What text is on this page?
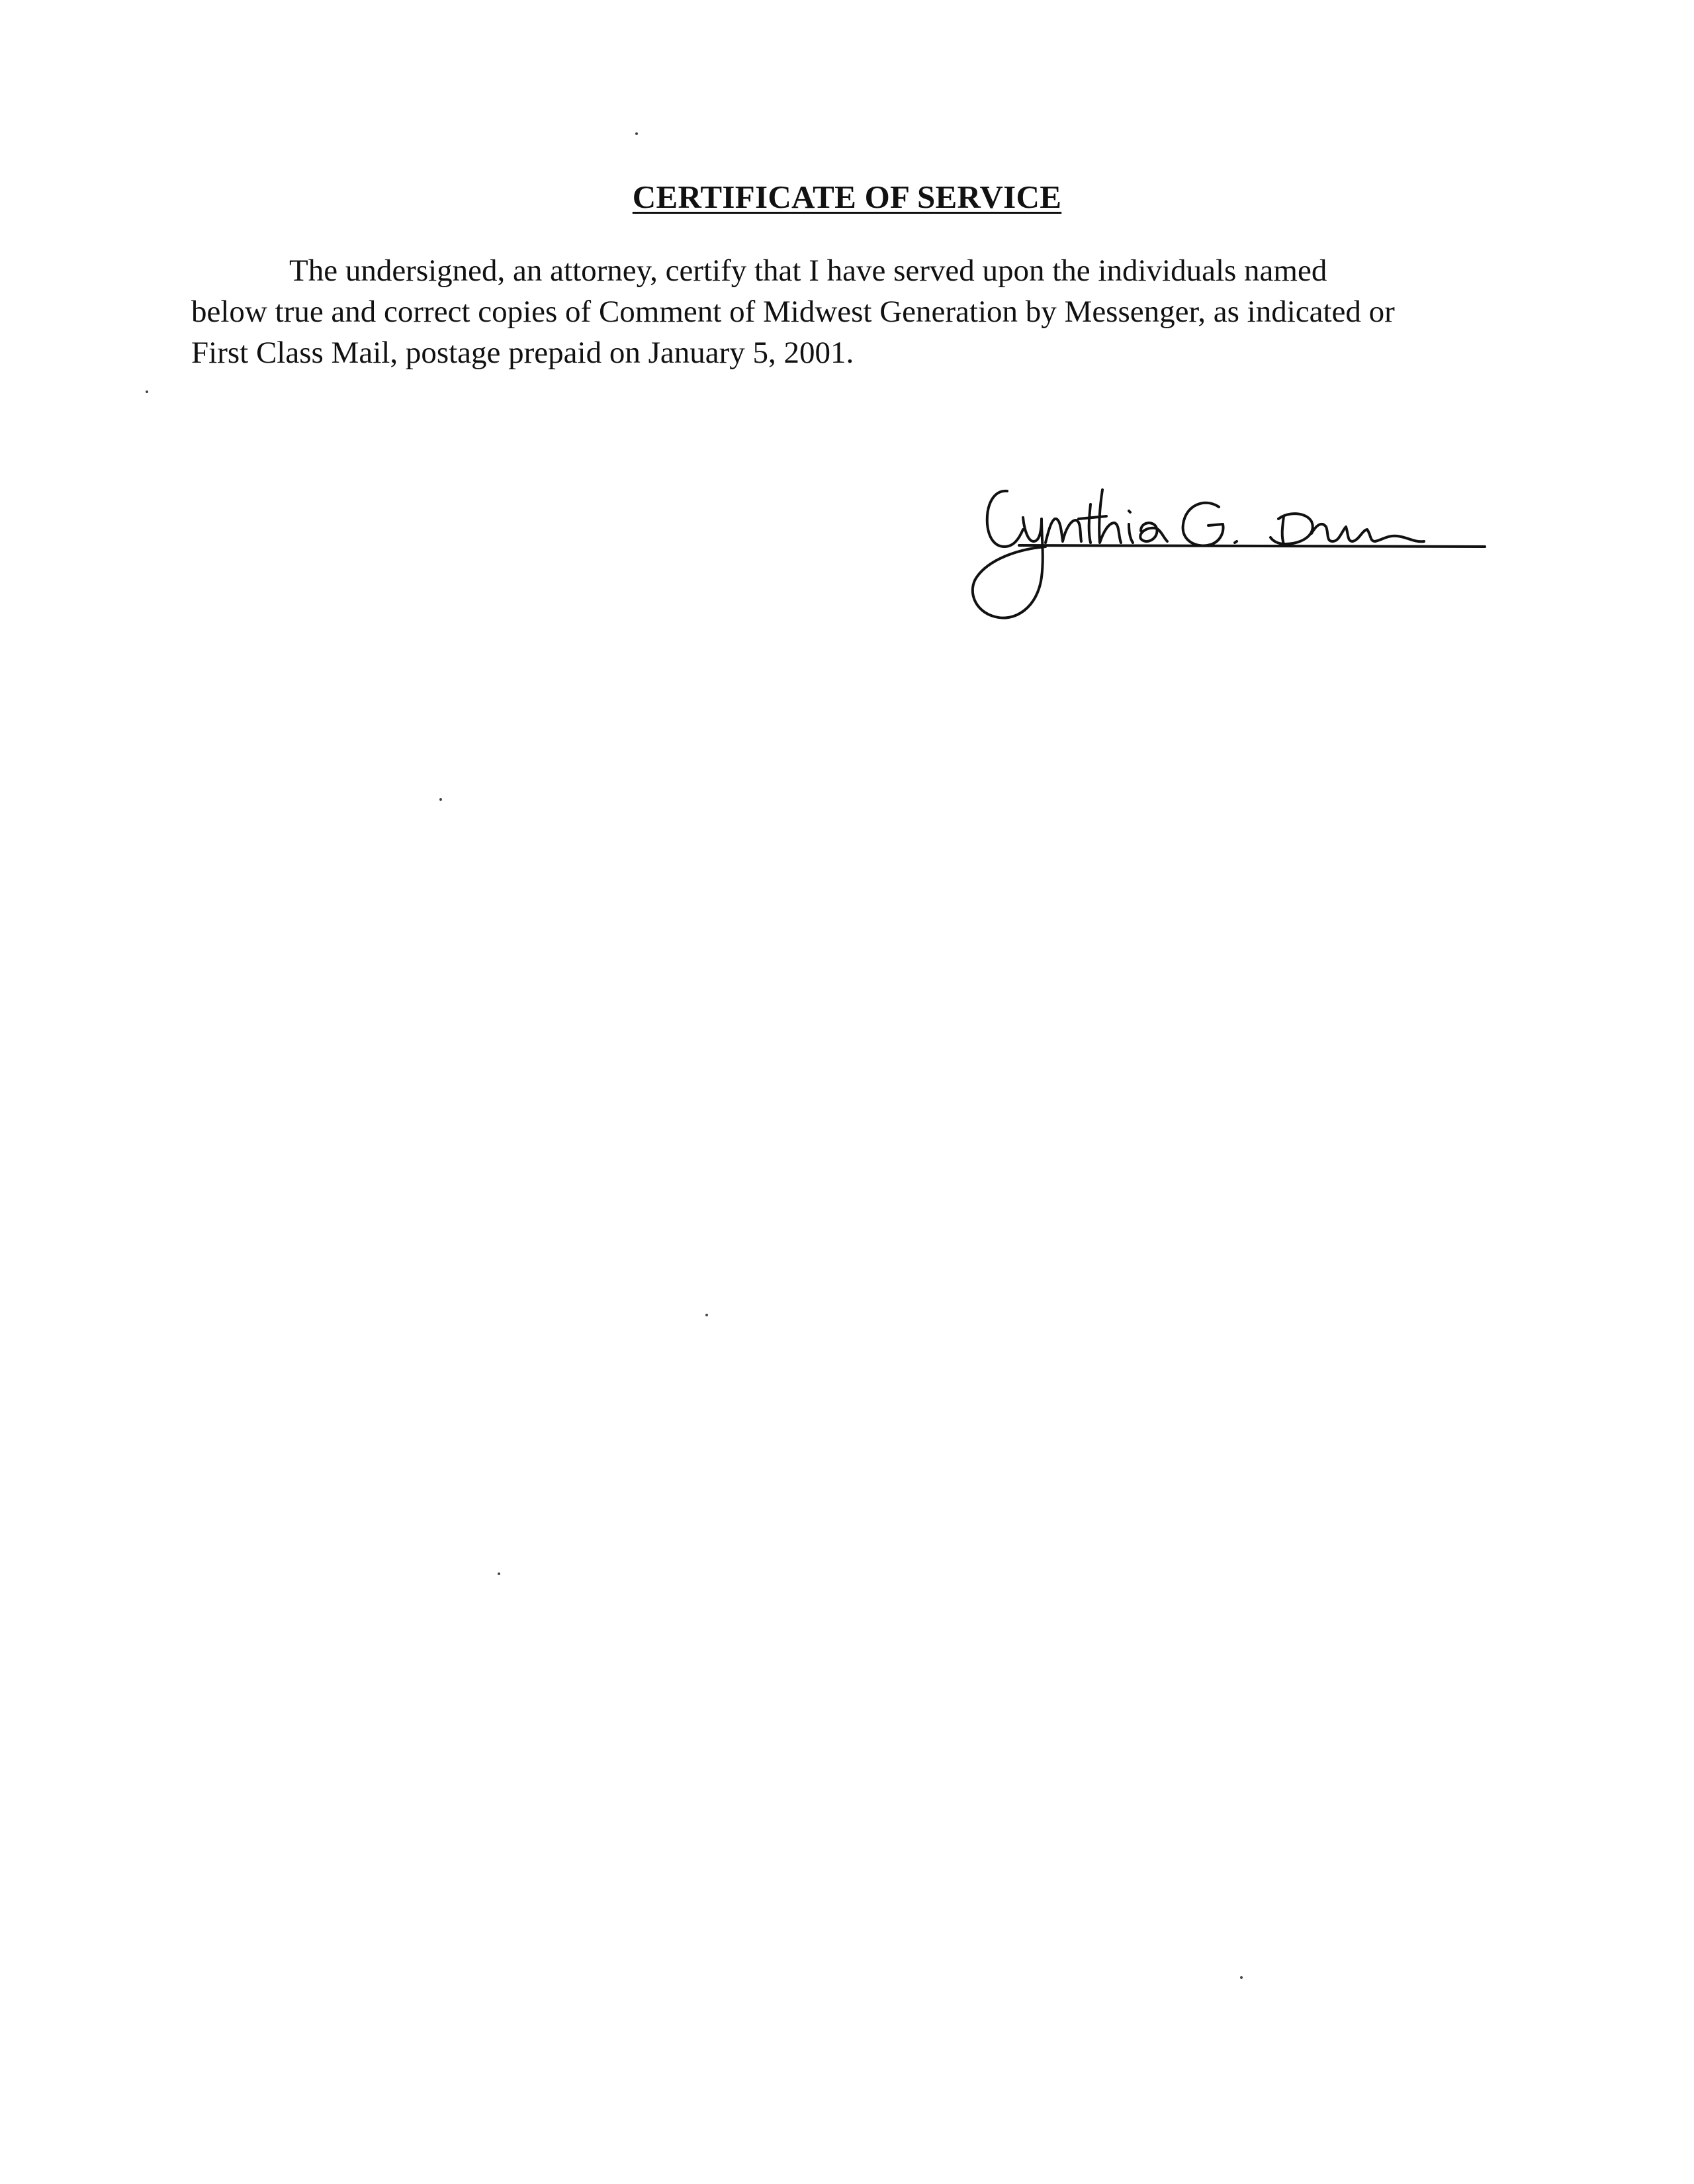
CERTIFICATE OF SERVICE
The undersigned, an attorney, certify that I have served upon the individuals named
below true and correct copies of Comment of Midwest Generation by Messenger, as indicated or
First Class Mail, postage prepaid on January 5, 2001.
